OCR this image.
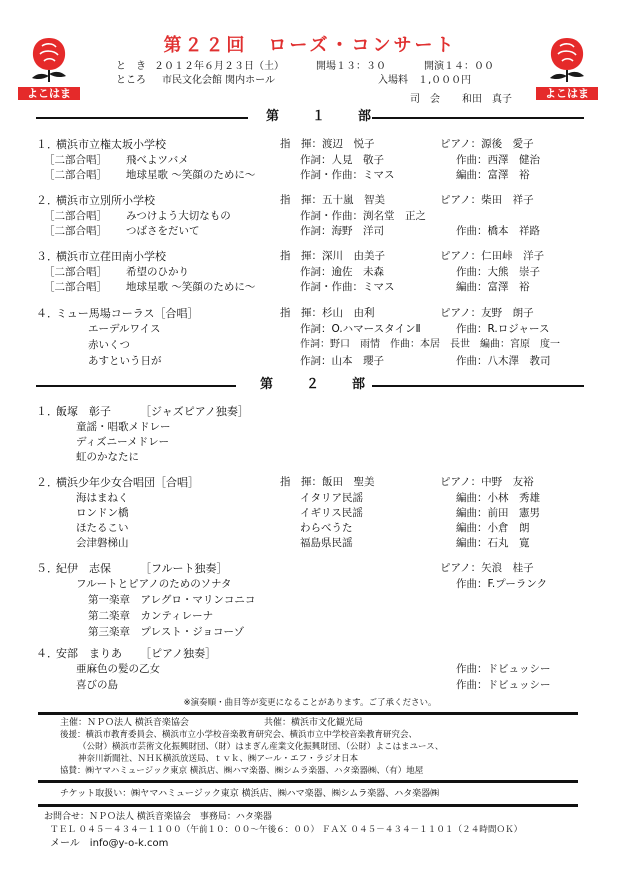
よこはま	よこはま
第２２回　ローズ・コンサート
と　き ２０１２年６月２３日（土）	開場１３：３０	開演１４：００
ところ 市民文化会館 関内ホール	入場料　１,０００円
司　会 和田　真子
第　１　部
１．
横浜市立権太坂小学校	指　揮：渡辺　悦子	ピアノ：源後　愛子
［二部合唱］ 飛べよツバメ	作詞：人見　敬子	作曲：西澤　健治
［二部合唱］ 地球星歌 ～笑顔のために～	作詞・作曲：ミマス	編曲：富澤　裕
２．
横浜市立別所小学校	指　揮：五十嵐　智美	ピアノ：柴田　祥子
［二部合唱］ みつけよう大切なもの	作詞・作曲：渕名堂　正之
［二部合唱］ つばさをだいて	作詞：海野　洋司	作曲：橋本　祥路
３．
横浜市立荏田南小学校	指　揮：深川　由美子	ピアノ：仁田峠　洋子
［二部合唱］ 希望のひかり	作詞：逾佐　未森	作曲：大熊　崇子
［二部合唱］ 地球星歌 ～笑顔のために～	作詞・作曲：ミマス	編曲：富澤　裕
４．
ミュー馬場コーラス［合唱］	指　揮：杉山　由利	ピアノ：友野　朗子
エーデルワイス	作詞：O.ハマースタインⅡ	作曲：R.ロジャース
赤いくつ	作詞：野口　雨情　作曲：本居　長世　編曲：宮原　度一
あすという日が	作詞：山本　瓔子	作曲：八木澤　教司
第　２　部
１．
飯塚　彰子	［ジャズピアノ独奏］
童謡・唱歌メドレー
ディズニーメドレー
虹のかなたに
２．
横浜少年少女合唱団［合唱］	指　揮：飯田　聖美	ピアノ：中野　友裕
海はまねく	イタリア民謡	編曲：小林　秀雄
ロンドン橋	イギリス民謡	編曲：前田　憲男
ほたるこい	わらべうた	編曲：小倉　朗
会津磐梯山	福島県民謡	編曲：石丸　寛
５．
紀伊　志保	［フルート独奏］	ピアノ：矢浪　桂子
フルートとピアノのためのソナタ	作曲：F.プーランク
第一楽章　アレグロ・マリンコニコ
第二楽章　カンティレーナ
第三楽章　プレスト・ジョコーゾ
４．
安部　まりあ ［ピアノ独奏］
亜麻色の髪の乙女	作曲：ドビュッシー
喜びの島	作曲：ドビュッシー
※演奏順・曲目等が変更になることがあります。ご了承ください。
主催：ＮＰＯ法人 横浜音楽協会	共催：横浜市文化観光局
後援：横浜市教育委員会、横浜市立小学校音楽教育研究会、横浜市立中学校音楽教育研究会、
（公財）横浜市芸術文化振興財団、（財）はまぎん産業文化振興財団、（公財）よこはまユース、
神奈川新聞社、ＮＨＫ横浜放送局、ｔｖｋ、㈱アール・エフ・ラジオ日本
協賛：㈱ヤマハミュージック東京 横浜店、㈱ハマ楽器、㈱シムラ楽器、ハタ楽器㈱、（有）地屋
チケット取扱い：㈱ヤマハミュージック東京 横浜店、㈱ハマ楽器、㈱シムラ楽器、ハタ楽器㈱
お問合せ：ＮＰＯ法人 横浜音楽協会　事務局：ハタ楽器
ＴＥＬ ０４５－４３４－１１００（午前１０：００～午後６：００） ＦＡＸ ０４５－４３４－１１０１（２４時間ＯＫ）
メール　info@y-o-k.com
